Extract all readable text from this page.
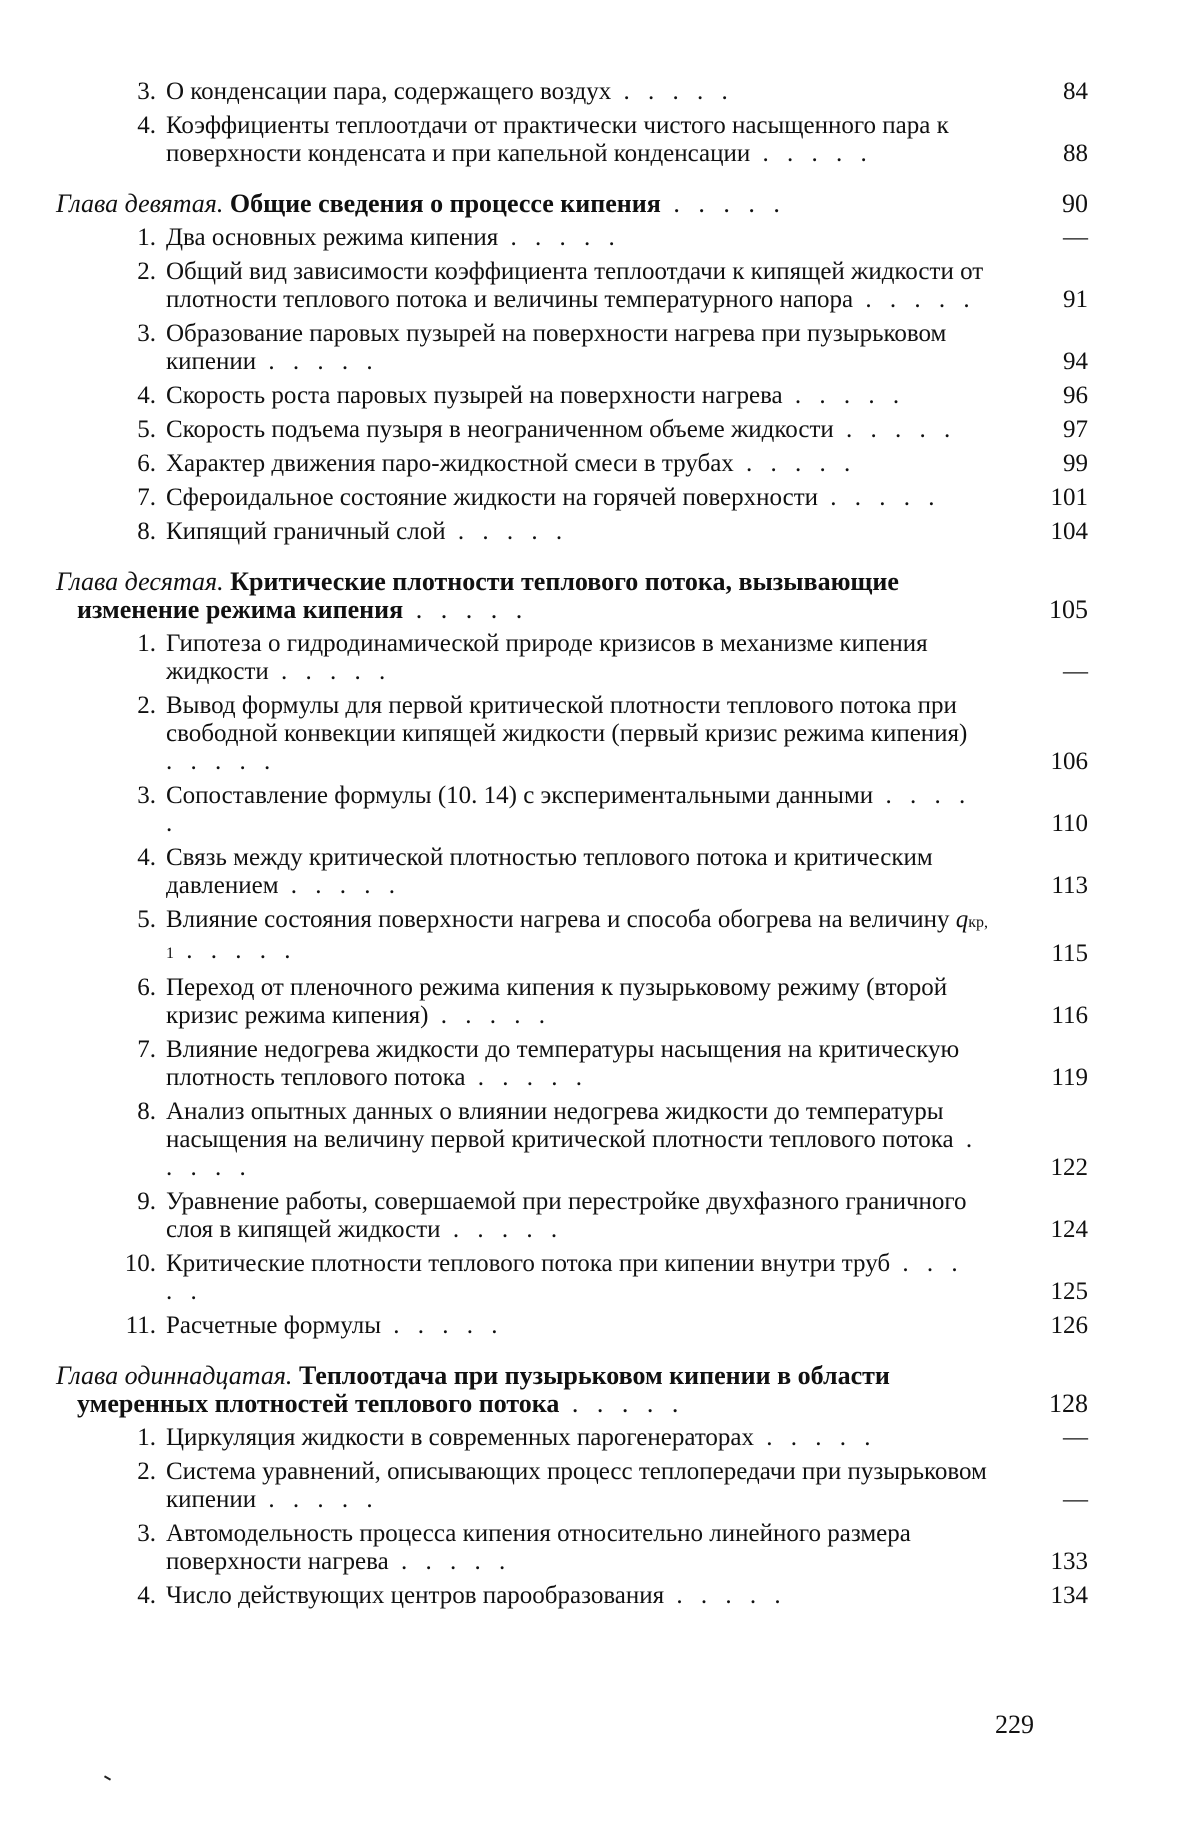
3. О конденсации пара, содержащего воздух . . . . .	84
4. Коэффициенты теплоотдачи от практически чистого насыщенного пара к поверхности конденсата и при капельной конденсации . . . . .	88
Глава девятая. Общие сведения о процессе кипения . . . . .	90
1. Два основных режима кипения . . . . .	—
2. Общий вид зависимости коэффициента теплоотдачи к кипящей жидкости от плотности теплового потока и величины температурного напора . . . . .	91
3. Образование паровых пузырей на поверхности нагрева при пузырьковом кипении . . . . .	94
4. Скорость роста паровых пузырей на поверхности нагрева . . . . .	96
5. Скорость подъема пузыря в неограниченном объеме жидкости . . . . .	97
6. Характер движения паро-жидкостной смеси в трубах . . . . .	99
7. Сфероидальное состояние жидкости на горячей поверхности . . . . .	101
8. Кипящий граничный слой . . . . .	104
Глава десятая. Критические плотности теплового потока, вызывающие изменение режима кипения . . . . .	105
1. Гипотеза о гидродинамической природе кризисов в механизме кипения жидкости . . . . .	—
2. Вывод формулы для первой критической плотности теплового потока при свободной конвекции кипящей жидкости (первый кризис режима кипения) . . . . .	106
3. Сопоставление формулы (10. 14) с экспериментальными данными . . . . .	110
4. Связь между критической плотностью теплового потока и критическим давлением . . . . .	113
5. Влияние состояния поверхности нагрева и способа обогрева на величину qкр, 1 . . . . .	115
6. Переход от пленочного режима кипения к пузырьковому режиму (второй кризис режима кипения) . . . . .	116
7. Влияние недогрева жидкости до температуры насыщения на критическую плотность теплового потока . . . . .	119
8. Анализ опытных данных о влиянии недогрева жидкости до температуры насыщения на величину первой критической плотности теплового потока . . . . .	122
9. Уравнение работы, совершаемой при перестройке двухфазного граничного слоя в кипящей жидкости . . . . .	124
10. Критические плотности теплового потока при кипении внутри труб . . . . .	125
11. Расчетные формулы . . . . .	126
Глава одиннадцатая. Теплоотдача при пузырьковом кипении в области умеренных плотностей теплового потока . . . . .	128
1. Циркуляция жидкости в современных парогенераторах . . . . .	—
2. Система уравнений, описывающих процесс теплопередачи при пузырьковом кипении . . . . .	—
3. Автомодельность процесса кипения относительно линейного размера поверхности нагрева . . . . .	133
4. Число действующих центров парообразования . . . . .	134
229
